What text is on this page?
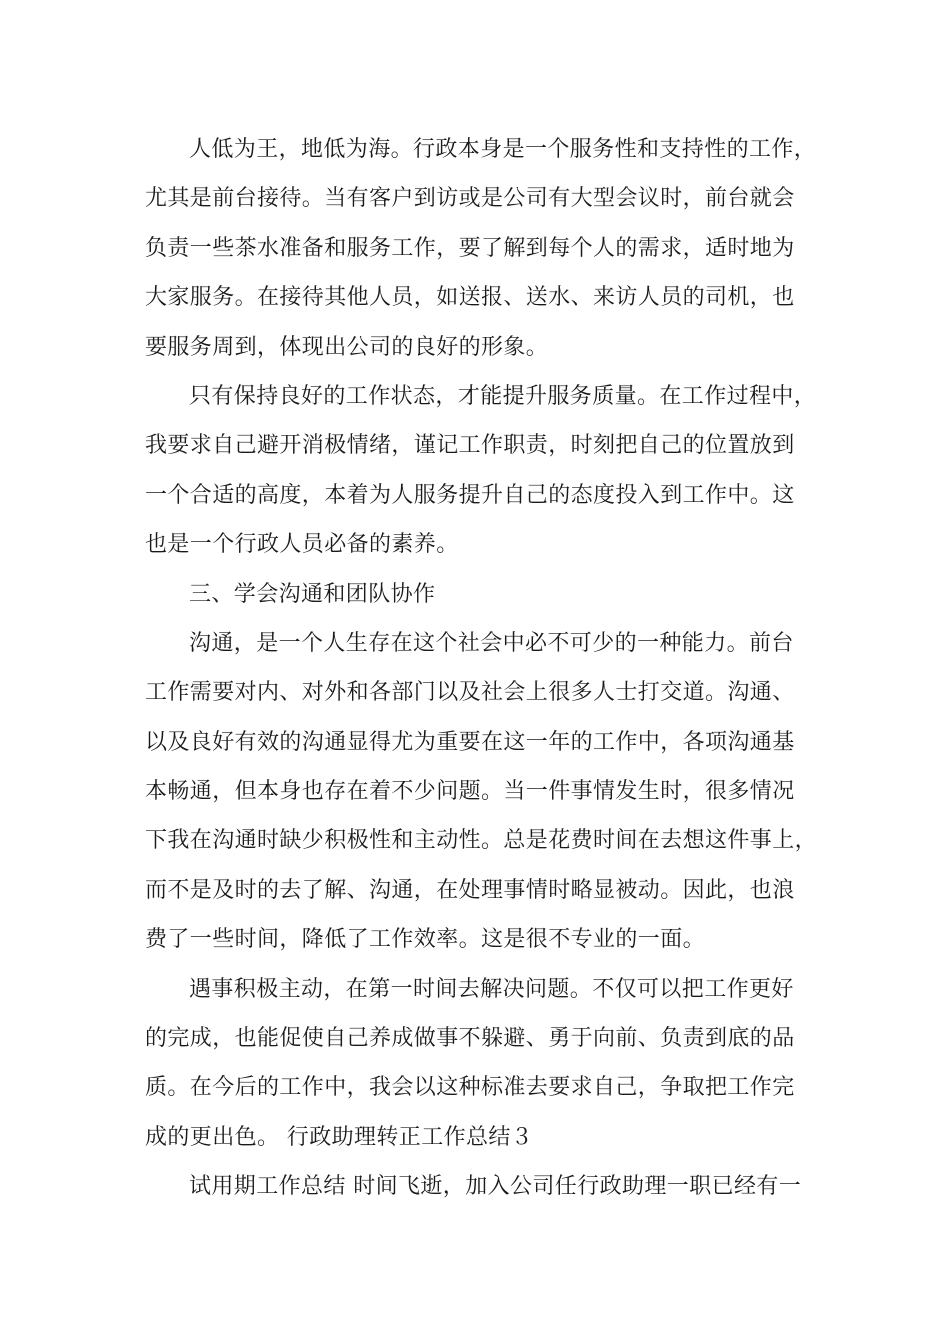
人低为王，地低为海。行政本身是一个服务性和支持性的工作，
尤其是前台接待。当有客户到访或是公司有大型会议时，前台就会
负责一些茶水准备和服务工作，要了解到每个人的需求，适时地为
大家服务。在接待其他人员，如送报、送水、来访人员的司机，也
要服务周到，体现出公司的良好的形象。
只有保持良好的工作状态，才能提升服务质量。在工作过程中，
我要求自己避开消极情绪，谨记工作职责，时刻把自己的位置放到
一个合适的高度，本着为人服务提升自己的态度投入到工作中。这
也是一个行政人员必备的素养。
三、学会沟通和团队协作
沟通，是一个人生存在这个社会中必不可少的一种能力。前台
工作需要对内、对外和各部门以及社会上很多人士打交道。沟通、
以及良好有效的沟通显得尤为重要在这一年的工作中，各项沟通基
本畅通，但本身也存在着不少问题。当一件事情发生时，很多情况
下我在沟通时缺少积极性和主动性。总是花费时间在去想这件事上，
而不是及时的去了解、沟通，在处理事情时略显被动。因此，也浪
费了一些时间，降低了工作效率。这是很不专业的一面。
遇事积极主动，在第一时间去解决问题。不仅可以把工作更好
的完成，也能促使自己养成做事不躲避、勇于向前、负责到底的品
质。在今后的工作中，我会以这种标准去要求自己，争取把工作完
成的更出色。 行政助理转正工作总结３
试用期工作总结 时间飞逝，加入公司任行政助理一职已经有一
